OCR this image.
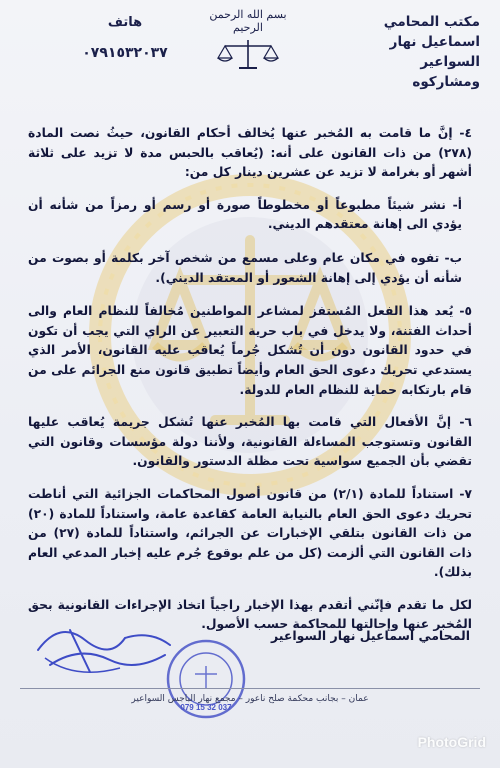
مكتب المحامي
اسماعيل نهار السواعير
ومشاركوه
بسم الله الرحمن الرحيم
هاتف
٠٧٩١٥٣٢٠٣٧

٤- إنَّ ما قامت به المُخبر عنها يُخالف أحكام القانون، حيثُ نصت المادة (٢٧٨) من ذات القانون على أنه: (يُعاقب بالحبس مدة لا تزيد على ثلاثة أشهر أو بغرامة لا تزيد عن عشرين دينار كل من:

أ- نشر شيئاً مطبوعاً أو مخطوطاً صورة أو رسم أو رمزاً من شأنه أن يؤدي الى إهانة معتقدهم الديني.

ب- تفوه في مكان عام وعلى مسمع من شخص آخر بكلمة أو بصوت من شأنه أن يؤدي إلى إهانة الشعور أو المعتقد الديني).

٥- يُعد هذا الفعل المُستفز لمشاعر المواطنين مُخالفاً للنظام العام والى أحداث الفتنة، ولا يدخل في باب حرية التعبير عن الراي التي يجب أن تكون في حدود القانون دون أن تُشكل جُرماً يُعاقب عليه القانون، الأمر الذي يستدعي تحريك دعوى الحق العام وأيضاً تطبيق قانون منع الجرائم على من قام بارتكابه حماية للنظام العام للدولة.

٦- إنَّ الأفعال التي قامت بها المُخبر عنها تُشكل جريمة يُعاقب عليها القانون وتستوجب المساءلة القانونية، ولأننا دولة مؤسسات وقانون التي تقضي بأن الجميع سواسية تحت مظلة الدستور والقانون.

٧- استناداً للمادة (٢/١) من قانون أصول المحاكمات الجزائية التي أناطت تحريك دعوى الحق العام بالنيابة العامة كقاعدة عامة، واستناداً للمادة (٢٠) من ذات القانون بتلقي الإخبارات عن الجرائم، واستناداً للمادة (٢٧) من ذات القانون التي ألزمت (كل من علم بوقوع جُرم عليه إخبار المدعي العام بذلك).

لكل ما تقدم فإنّني أتقدم بهذا الإخبار راجياً اتخاذ الإجراءات القانونية بحق المُخبر عنها وإحالتها للمحاكمة حسب الأصول.

المحامي اسماعيل نهار السواعير
079 15 32 037
عمان – بجانب محكمة صلح ناعور – مجمع نهار الباجس السواعير
PhotoGrid
